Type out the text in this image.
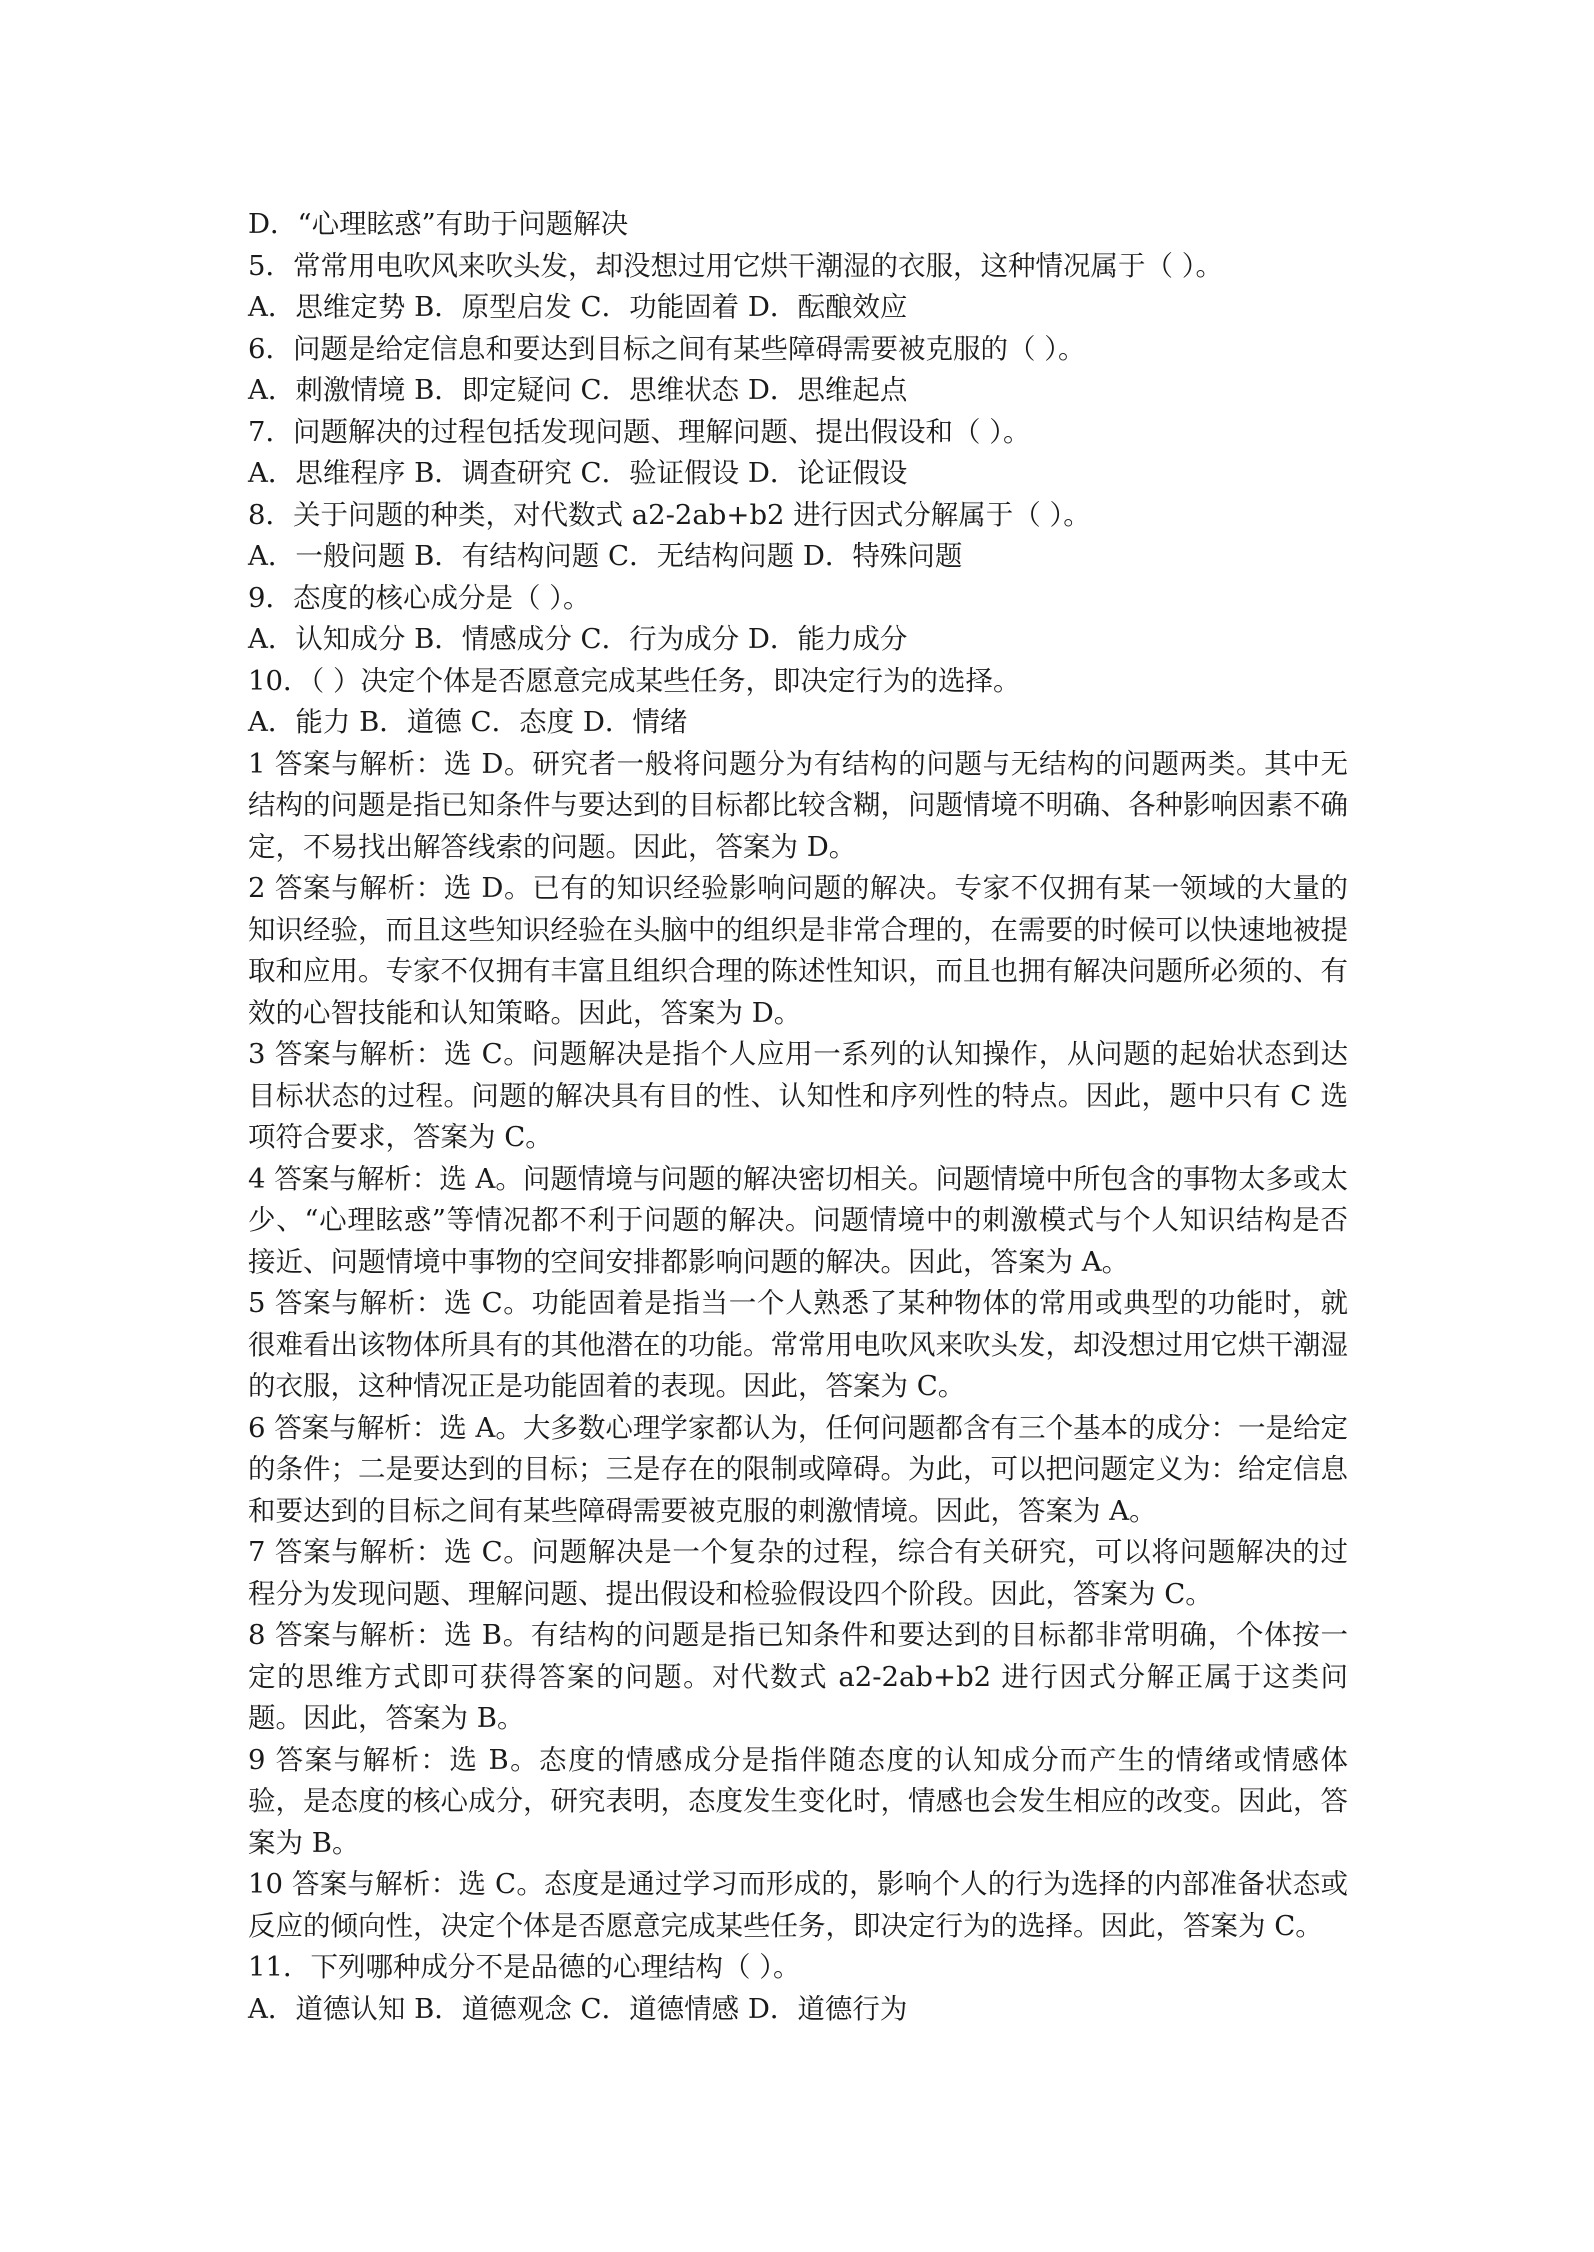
D．“心理眩惑”有助于问题解决
5．常常用电吹风来吹头发，却没想过用它烘干潮湿的衣服，这种情况属于（ ）。
A．思维定势 B．原型启发 C．功能固着 D．酝酿效应
6．问题是给定信息和要达到目标之间有某些障碍需要被克服的（ ）。
A．刺激情境 B．即定疑问 C．思维状态 D．思维起点
7．问题解决的过程包括发现问题、理解问题、提出假设和（ ）。
A．思维程序 B．调查研究 C．验证假设 D．论证假设
8．关于问题的种类，对代数式 a2-2ab+b2 进行因式分解属于（ ）。
A．一般问题 B．有结构问题 C．无结构问题 D．特殊问题
9．态度的核心成分是（ ）。
A．认知成分 B．情感成分 C．行为成分 D．能力成分
10．（ ）决定个体是否愿意完成某些任务，即决定行为的选择。
A．能力 B．道德 C．态度 D．情绪
1 答案与解析：选 D。研究者一般将问题分为有结构的问题与无结构的问题两类。其中无结构的问题是指已知条件与要达到的目标都比较含糊，问题情境不明确、各种影响因素不确定，不易找出解答线索的问题。因此，答案为 D。
2 答案与解析：选 D。已有的知识经验影响问题的解决。专家不仅拥有某一领域的大量的知识经验，而且这些知识经验在头脑中的组织是非常合理的，在需要的时候可以快速地被提取和应用。专家不仅拥有丰富且组织合理的陈述性知识，而且也拥有解决问题所必须的、有效的心智技能和认知策略。因此，答案为 D。
3 答案与解析：选 C。问题解决是指个人应用一系列的认知操作，从问题的起始状态到达目标状态的过程。问题的解决具有目的性、认知性和序列性的特点。因此，题中只有 C 选项符合要求，答案为 C。
4 答案与解析：选 A。问题情境与问题的解决密切相关。问题情境中所包含的事物太多或太少、“心理眩惑”等情况都不利于问题的解决。问题情境中的刺激模式与个人知识结构是否接近、问题情境中事物的空间安排都影响问题的解决。因此，答案为 A。
5 答案与解析：选 C。功能固着是指当一个人熟悉了某种物体的常用或典型的功能时，就很难看出该物体所具有的其他潜在的功能。常常用电吹风来吹头发，却没想过用它烘干潮湿的衣服，这种情况正是功能固着的表现。因此，答案为 C。
6 答案与解析：选 A。大多数心理学家都认为，任何问题都含有三个基本的成分：一是给定的条件；二是要达到的目标；三是存在的限制或障碍。为此，可以把问题定义为：给定信息和要达到的目标之间有某些障碍需要被克服的刺激情境。因此，答案为 A。
7 答案与解析：选 C。问题解决是一个复杂的过程，综合有关研究，可以将问题解决的过程分为发现问题、理解问题、提出假设和检验假设四个阶段。因此，答案为 C。
8 答案与解析：选 B。有结构的问题是指已知条件和要达到的目标都非常明确，个体按一定的思维方式即可获得答案的问题。对代数式 a2-2ab+b2 进行因式分解正属于这类问题。因此，答案为 B。
9 答案与解析：选 B。态度的情感成分是指伴随态度的认知成分而产生的情绪或情感体验，是态度的核心成分，研究表明，态度发生变化时，情感也会发生相应的改变。因此，答案为 B。
10 答案与解析：选 C。态度是通过学习而形成的，影响个人的行为选择的内部准备状态或反应的倾向性，决定个体是否愿意完成某些任务，即决定行为的选择。因此，答案为 C。
11．下列哪种成分不是品德的心理结构（ ）。
A．道德认知 B．道德观念 C．道德情感 D．道德行为
